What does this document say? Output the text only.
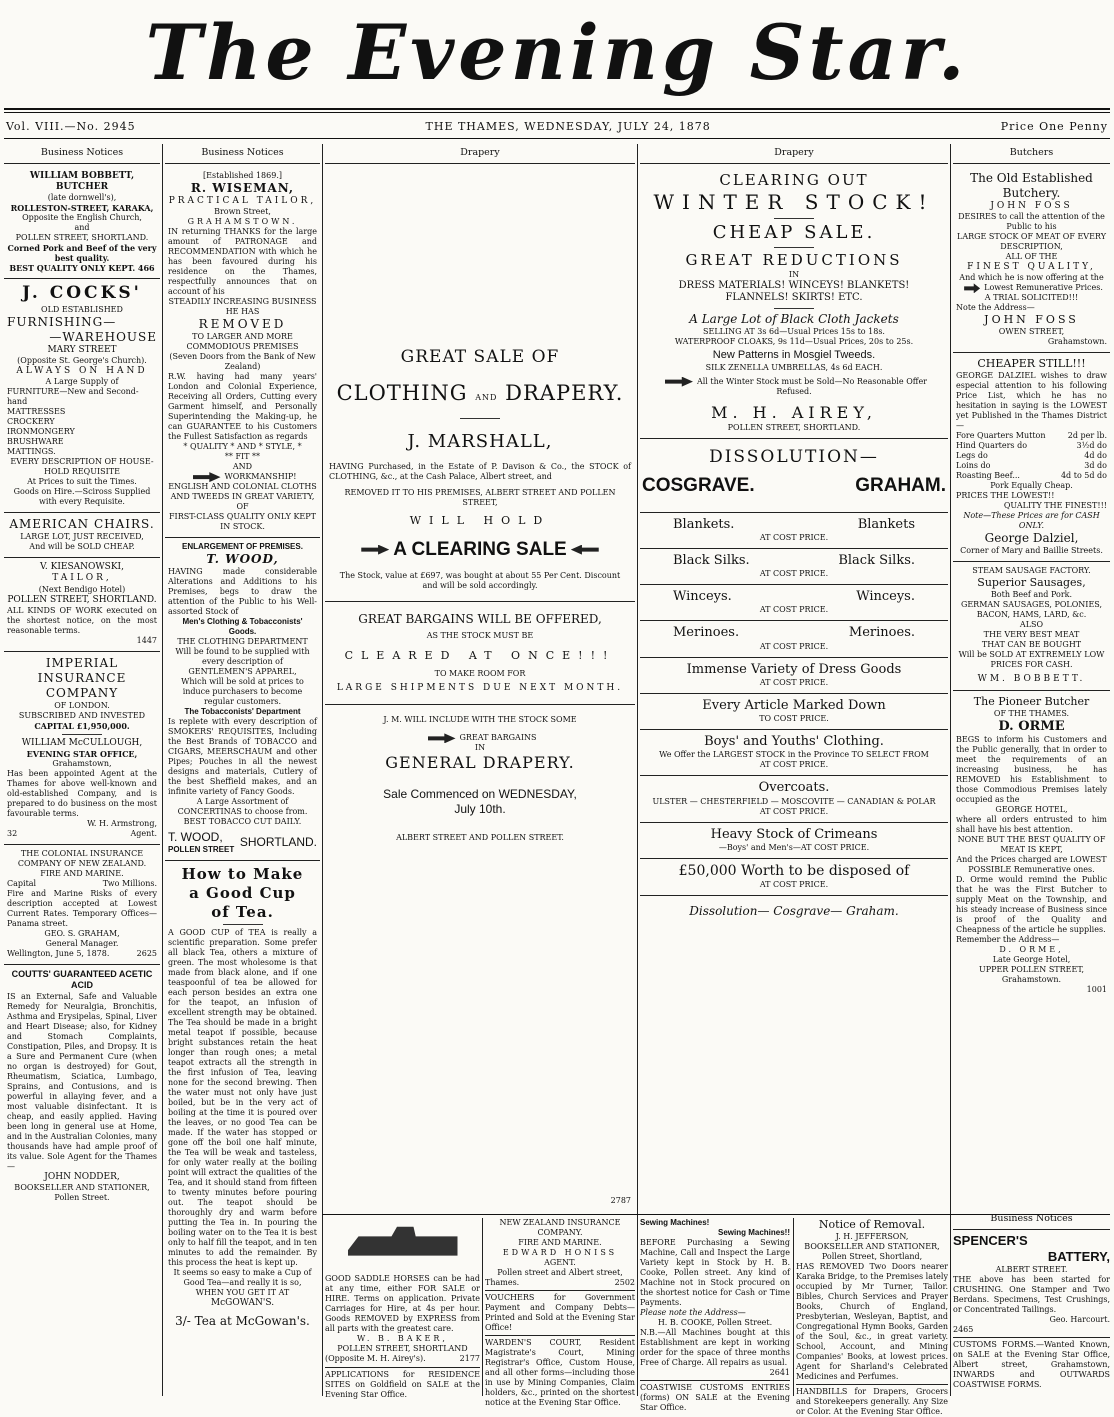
The Evening Star.
Vol. VIII.—No. 2945	THE THAMES, WEDNESDAY, JULY 24, 1878	Price One Penny
Business Notices
WILLIAM BOBBETT, BUTCHER
(late dornwell's),
ROLLESTON-STREET, KARAKA,
Opposite the English Church,
and
POLLEN STREET, SHORTLAND.
Corned Pork and Beef of the very best quality.
BEST QUALITY ONLY KEPT. 466
J. COCKS'
OLD ESTABLISHED
FURNISHING—
—WAREHOUSE
MARY STREET
(Opposite St. George's Church).
ALWAYS ON HAND
A Large Supply of
FURNITURE—New and Second-hand
MATTRESSES
CROCKERY
IRONMONGERY
BRUSHWARE
MATTINGS.
EVERY DESCRIPTION OF HOUSE-HOLD REQUISITE
At Prices to suit the Times.
Goods on Hire.—Sciross Supplied with every Requisite.
AMERICAN CHAIRS.
LARGE LOT, JUST RECEIVED,
And will be SOLD CHEAP.
V. KIESANOWSKI,
TAILOR,
(Next Bendigo Hotel)
POLLEN STREET, SHORTLAND.
ALL KINDS OF WORK executed on the shortest notice, on the most reasonable terms.
1447
IMPERIAL
INSURANCE COMPANY
OF LONDON.
SUBSCRIBED AND INVESTED
CAPITAL £1,950,000.
WILLIAM McCULLOUGH,
EVENING STAR OFFICE,
Grahamstown,
Has been appointed Agent at the Thames for above well-known and old-established Company, and is prepared to do business on the most favourable terms.
W. H. Armstrong,
32	Agent.
THE COLONIAL INSURANCE COMPANY OF NEW ZEALAND.
FIRE AND MARINE.
Capital	Two Millions.
Fire and Marine Risks of every description accepted at Lowest Current Rates. Temporary Offices—Panama street.
GEO. S. GRAHAM,
General Manager.
Wellington, June 5, 1878.	2625
COUTTS' GUARANTEED ACETIC ACID
IS an External, Safe and Valuable Remedy for Neuralgia, Bronchitis, Asthma and Erysipelas, Spinal, Liver and Heart Disease; also, for Kidney and Stomach Complaints, Constipation, Piles, and Dropsy. It is a Sure and Permanent Cure (when no organ is destroyed) for Gout, Rheumatism, Sciatica, Lumbago, Sprains, and Contusions, and is powerful in allaying fever, and a most valuable disinfectant. It is cheap, and easily applied. Having been long in general use at Home, and in the Australian Colonies, many thousands have had ample proof of its value. Sole Agent for the Thames—
JOHN NODDER,
BOOKSELLER AND STATIONER,
Pollen Street.
Business Notices
[Established 1869.]
R. WISEMAN,
PRACTICAL TAILOR,
Brown Street,
GRAHAMSTOWN.
IN returning THANKS for the large amount of PATRONAGE and RECOMMENDATION with which he has been favoured during his residence on the Thames, respectfully announces that on account of his
STEADILY INCREASING BUSINESS
HE HAS
REMOVED
TO LARGER AND MORE COMMODIOUS PREMISES
(Seven Doors from the Bank of New Zealand)
R.W. having had many years' London and Colonial Experience, Receiving all Orders, Cutting every Garment himself, and Personally Superintending the Making-up, he can GUARANTEE to his Customers the Fullest Satisfaction as regards
* QUALITY * AND * STYLE, *
** FIT **
AND
WORKMANSHIP!
ENGLISH AND COLONIAL CLOTHS AND TWEEDS IN GREAT VARIETY,
OF
FIRST-CLASS QUALITY ONLY KEPT IN STOCK.
ENLARGEMENT OF PREMISES.
T. WOOD,
HAVING made considerable Alterations and Additions to his Premises, begs to draw the attention of the Public to his Well-assorted Stock of
Men's Clothing & Tobacconists' Goods.
THE CLOTHING DEPARTMENT
Will be found to be supplied with every description of
GENTLEMEN'S APPAREL,
Which will be sold at prices to induce purchasers to become regular customers.
The Tobacconists' Department
Is replete with every description of SMOKERS' REQUISITES, Including the Best Brands of TOBACCO and CIGARS, MEERSCHAUM and other Pipes; Pouches in all the newest designs and materials, Cutlery of the best Sheffield makes, and an infinite variety of Fancy Goods.
A Large Assortment of CONCERTINAS to choose from.
BEST TOBACCO CUT DAILY.
T. WOOD,
POLLEN STREET
SHORTLAND.
How to Make
a Good Cup
of Tea.
A GOOD CUP of TEA is really a scientific preparation. Some prefer all black Tea, others a mixture of green. The most wholesome is that made from black alone, and if one teaspoonful of tea be allowed for each person besides an extra one for the teapot, an infusion of excellent strength may be obtained. The Tea should be made in a bright metal teapot if possible, because bright substances retain the heat longer than rough ones; a metal teapot extracts all the strength in the first infusion of Tea, leaving none for the second brewing. Then the water must not only have just boiled, but be in the very act of boiling at the time it is poured over the leaves, or no good Tea can be made. If the water has stopped or gone off the boil one half minute, the Tea will be weak and tasteless, for only water really at the boiling point will extract the qualities of the Tea, and it should stand from fifteen to twenty minutes before pouring out. The teapot should be thoroughly dry and warm before putting the Tea in. In pouring the boiling water on to the Tea it is best only to half fill the teapot, and in ten minutes to add the remainder. By this process the heat is kept up.
It seems so easy to make a Cup of Good Tea—and really it is so,
WHEN YOU GET IT AT
McGOWAN'S.
3/- Tea at McGowan's.
Drapery
GREAT SALE OF
CLOTHING AND DRAPERY.
J. MARSHALL,
HAVING Purchased, in the Estate of P. Davison & Co., the STOCK of CLOTHING, &c., at the Cash Palace, Albert street, and
REMOVED IT TO HIS PREMISES, ALBERT STREET AND POLLEN STREET,
WILL HOLD
A CLEARING SALE
The Stock, value at £697, was bought at about 55 Per Cent. Discount and will be sold accordingly.
GREAT BARGAINS WILL BE OFFERED,
AS THE STOCK MUST BE
CLEARED AT ONCE!!!
TO MAKE ROOM FOR
LARGE SHIPMENTS DUE NEXT MONTH.
J. M. WILL INCLUDE WITH THE STOCK SOME
GREAT BARGAINS
IN
GENERAL DRAPERY.
Sale Commenced on WEDNESDAY,
July 10th.
ALBERT STREET AND POLLEN STREET.
2787
Drapery
CLEARING OUT
WINTER STOCK!
CHEAP SALE.
GREAT REDUCTIONS
IN
DRESS MATERIALS! WINCEYS! BLANKETS!
FLANNELS! SKIRTS! ETC.
A Large Lot of Black Cloth Jackets
SELLING AT 3s 6d—Usual Prices 15s to 18s.
WATERPROOF CLOAKS, 9s 11d—Usual Prices, 20s to 25s.
New Patterns in Mosgiel Tweeds.
SILK ZENELLA UMBRELLAS, 4s 6d EACH.
All the Winter Stock must be Sold—No Reasonable Offer Refused.
M. H. AIREY,
POLLEN STREET, SHORTLAND.
DISSOLUTION—
COSGRAVE.	GRAHAM.
Blankets.	Blankets
AT COST PRICE.
Black Silks.	Black Silks.
AT COST PRICE.
Winceys.	Winceys.
AT COST PRICE.
Merinoes.	Merinoes.
AT COST PRICE.
Immense Variety of Dress Goods
AT COST PRICE.
Every Article Marked Down
TO COST PRICE.
Boys' and Youths' Clothing.
We Offer the LARGEST STOCK in the Province TO SELECT FROM
AT COST PRICE.
Overcoats.
ULSTER — CHESTERFIELD — MOSCOVITE — CANADIAN & POLAR
AT COST PRICE.
Heavy Stock of Crimeans
—Boys' and Men's—AT COST PRICE.
£50,000 Worth to be disposed of
AT COST PRICE.
Dissolution— Cosgrave— Graham.
Butchers
The Old Established Butchery.
JOHN FOSS
DESIRES to call the attention of the Public to his
LARGE STOCK OF MEAT OF EVERY DESCRIPTION,
ALL OF THE
FINEST QUALITY,
And which he is now offering at the
Lowest Remunerative Prices.
A TRIAL SOLICITED!!!
Note the Address—
JOHN FOSS
OWEN STREET,
Grahamstown.
CHEAPER STILL!!!
GEORGE DALZIEL wishes to draw especial attention to his following Price List, which he has no hesitation in saying is the LOWEST yet Published in the Thames District—
Fore Quarters Mutton	2d per lb.
Hind Quarters do	3½d do
Legs do	4d do
Loins do	3d do
Roasting Beef...	4d to 5d do
Pork Equally Cheap.
PRICES THE LOWEST!!
QUALITY THE FINEST!!!
Note—These Prices are for CASH ONLY.
George Dalziel,
Corner of Mary and Baillie Streets.
STEAM SAUSAGE FACTORY.
Superior Sausages,
Both Beef and Pork.
GERMAN SAUSAGES, POLONIES,
BACON, HAMS, LARD, &c.
ALSO
THE VERY BEST MEAT
THAT CAN BE BOUGHT
Will be SOLD AT EXTREMELY LOW PRICES FOR CASH.
WM. BOBBETT.
The Pioneer Butcher
OF THE THAMES.
D. ORME
BEGS to inform his Customers and the Public generally, that in order to meet the requirements of an increasing business, he has REMOVED his Establishment to those Commodious Premises lately occupied as the
GEORGE HOTEL,
where all orders entrusted to him shall have his best attention.
NONE BUT THE BEST QUALITY OF MEAT IS KEPT,
And the Prices charged are LOWEST POSSIBLE Remunerative ones.
D. Orme would remind the Public that he was the First Butcher to supply Meat on the Township, and his steady increase of Business since is proof of the Quality and Cheapness of the article he supplies.
Remember the Address—
D. ORME,
Late George Hotel,
UPPER POLLEN STREET,
Grahamstown.
1001
GOOD SADDLE HORSES can be had at any time, either FOR SALE or HIRE. Terms on application. Private Carriages for Hire, at 4s per hour. Goods REMOVED by EXPRESS from all parts with the greatest care.
W. B. BAKER,
POLLEN STREET, SHORTLAND
(Opposite M. H. Airey's).	2177
APPLICATIONS for RESIDENCE SITES on Goldfield on SALE at the Evening Star Office.
NEW ZEALAND INSURANCE COMPANY.
FIRE AND MARINE.
EDWARD HONISS
AGENT.
Pollen street and Albert street,
Thames.	2502
VOUCHERS for Government Payment and Company Debts—Printed and Sold at the Evening Star Office!
WARDEN'S COURT, Resident Magistrate's Court, Mining Registrar's Office, Custom House, and all other forms—including those in use by Mining Companies, Claim holders, &c., printed on the shortest notice at the Evening Star Office.
Sewing Machines!
Sewing Machines!!
BEFORE Purchasing a Sewing Machine, Call and Inspect the Large Variety kept in Stock by H. B. Cooke, Pollen street. Any kind of Machine not in Stock procured on the shortest notice for Cash or Time Payments.
Please note the Address—
H. B. COOKE, Pollen Street.
N.B.—All Machines bought at this Establishment are kept in working order for the space of three months Free of Charge. All repairs as usual.
2641
COASTWISE CUSTOMS ENTRIES (forms) ON SALE at the Evening Star Office.
Notice of Removal.
J. H. JEFFERSON,
BOOKSELLER AND STATIONER,
Pollen Street, Shortland,
HAS REMOVED Two Doors nearer Karaka Bridge, to the Premises lately occupied by Mr Turner, Tailor. Bibles, Church Services and Prayer Books, Church of England, Presbyterian, Wesleyan, Baptist, and Congregational Hymn Books, Garden of the Soul, &c., in great variety. School, Account, and Mining Companies' Books, at lowest prices. Agent for Sharland's Celebrated Medicines and Perfumes.
HANDBILLS for Drapers, Grocers and Storekeepers generally. Any Size or Color. At the Evening Star Office.
Business Notices
SPENCER'S
BATTERY,
ALBERT STREET.
THE above has been started for CRUSHING. One Stamper and Two Berdans. Specimens, Test Crushings, or Concentrated Tailings.
Geo. Harcourt.
2465
CUSTOMS FORMS.—Wanted Known, on SALE at the Evening Star Office, Albert street, Grahamstown, INWARDS and OUTWARDS COASTWISE FORMS.
